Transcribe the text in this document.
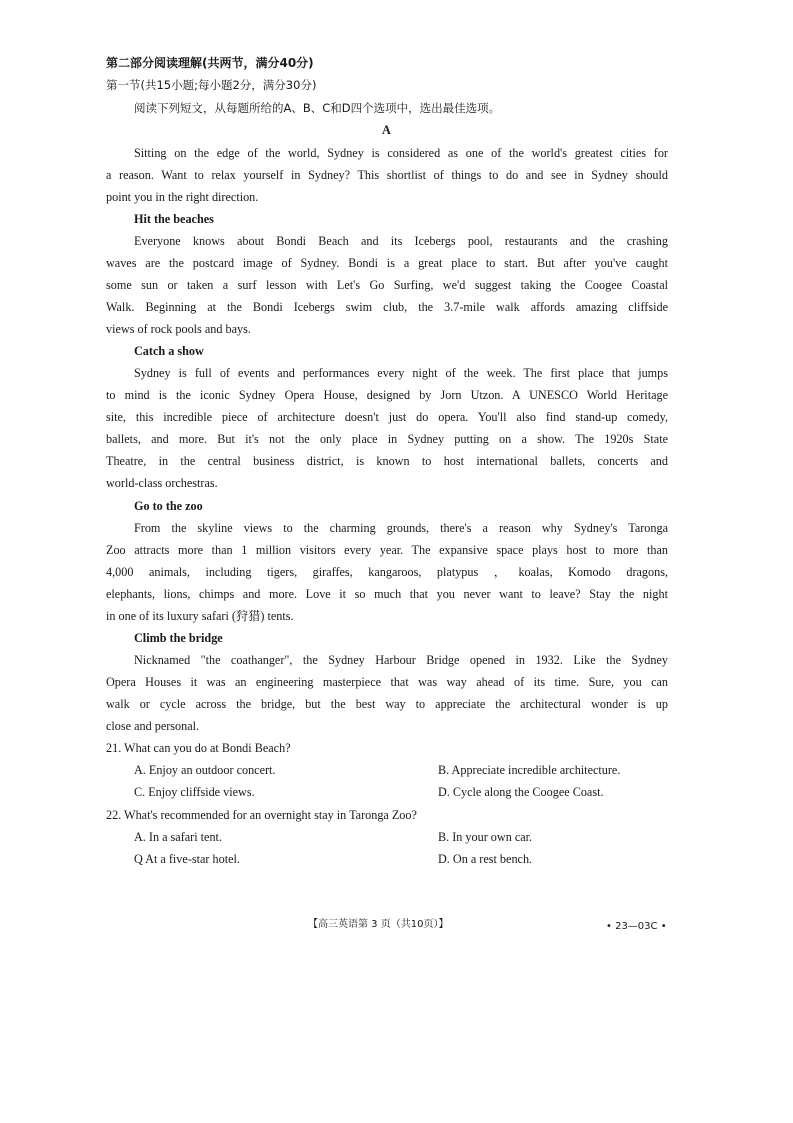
第二部分阅读理解(共两节，满分40分)
第一节(共15小题;每小题2分，满分30分)
阅读下列短文，从每题所给的A、B、C和D四个选项中，选出最佳选项。
A
Sitting on the edge of the world, Sydney is considered as one of the world's greatest cities for
a reason. Want to relax yourself in Sydney? This shortlist of things to do and see in Sydney should
point you in the right direction.
Hit the beaches
Everyone knows about Bondi Beach and its Icebergs pool, restaurants and the crashing
waves are the postcard image of Sydney. Bondi is a great place to start. But after you've caught
some sun or taken a surf lesson with Let's Go Surfing, we'd suggest taking the Coogee Coastal
Walk. Beginning at the Bondi Icebergs swim club, the 3.7-mile walk affords amazing cliffside
views of rock pools and bays.
Catch a show
Sydney is full of events and performances every night of the week. The first place that jumps
to mind is the iconic Sydney Opera House, designed by Jorn Utzon. A UNESCO World Heritage
site, this incredible piece of architecture doesn't just do opera. You'll also find stand-up comedy,
ballets, and more. But it's not the only place in Sydney putting on a show. The 1920s State
Theatre, in the central business district, is known to host international ballets, concerts and
world-class orchestras.
Go to the zoo
From the skyline views to the charming grounds, there's a reason why Sydney's Taronga
Zoo attracts more than 1 million visitors every year. The expansive space plays host to more than
4,000 animals, including tigers, giraffes, kangaroos, platypus ，koalas, Komodo dragons,
elephants, lions, chimps and more. Love it so much that you never want to leave? Stay the night
in one of its luxury safari (狩猎) tents.
Climb the bridge
Nicknamed "the coathanger", the Sydney Harbour Bridge opened in 1932. Like the Sydney
Opera Houses it was an engineering masterpiece that was way ahead of its time. Sure, you can
walk or cycle across the bridge, but the best way to appreciate the architectural wonder is up
close and personal.
21. What can you do at Bondi Beach?
A. Enjoy an outdoor concert.	B. Appreciate incredible architecture.
C. Enjoy cliffside views.	D. Cycle along the Coogee Coast.
22. What's recommended for an overnight stay in Taronga Zoo?
A. In a safari tent.	B. In your own car.
Q At a five-star hotel.	D. On a rest bench.
【高三英语第 3 页（共10页）】	• 23—03C •
